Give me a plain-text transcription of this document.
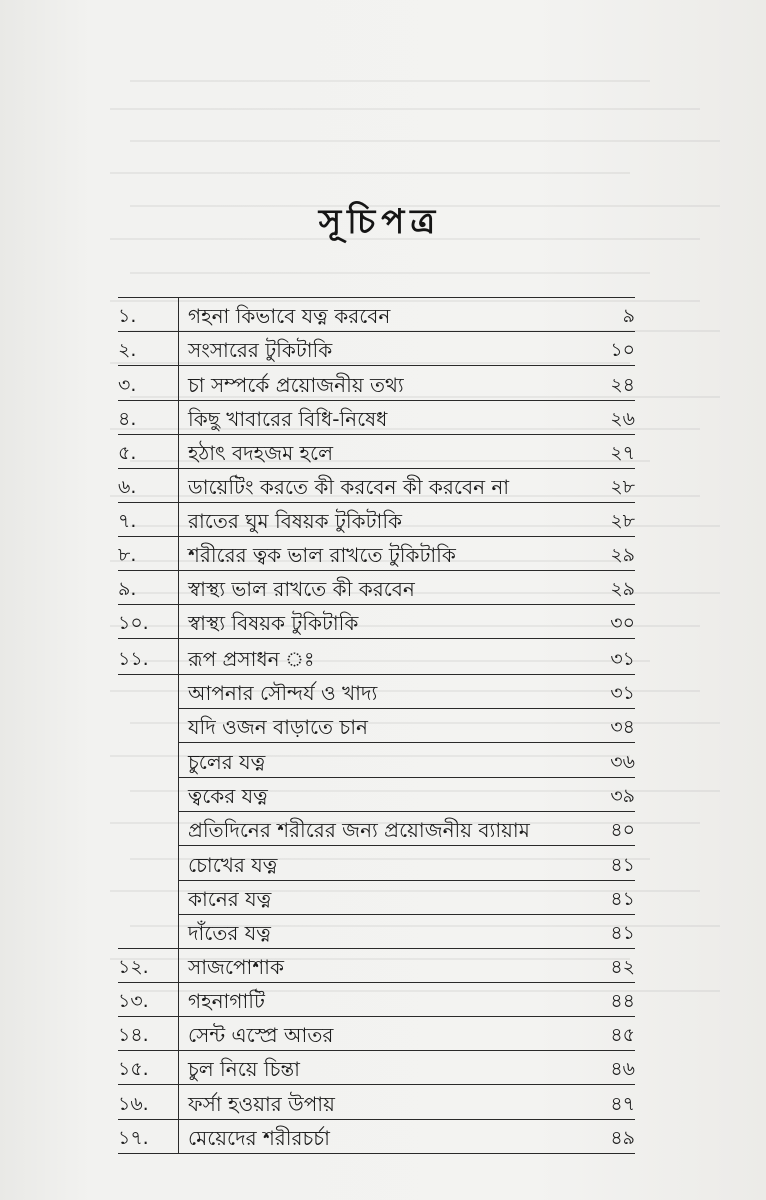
সূচিপত্র
১.	গহনা কিভাবে যত্ন করবেন	৯
২.	সংসারের টুকিটাকি	১০
৩.	চা সম্পর্কে প্রয়োজনীয় তথ্য	২৪
৪.	কিছু খাবারের বিধি-নিষেধ	২৬
৫.	হঠাৎ বদহজম হলে	২৭
৬.	ডায়েটিং করতে কী করবেন কী করবেন না	২৮
৭.	রাতের ঘুম বিষয়ক টুকিটাকি	২৮
৮.	শরীরের ত্বক ভাল রাখতে টুকিটাকি	২৯
৯.	স্বাস্থ্য ভাল রাখতে কী করবেন	২৯
১০.	স্বাস্থ্য বিষয়ক টুকিটাকি	৩০
১১.	রূপ প্রসাধন ঃ	৩১
আপনার সৌন্দর্য ও খাদ্য	৩১
যদি ওজন বাড়াতে চান	৩৪
চুলের যত্ন	৩৬
ত্বকের যত্ন	৩৯
প্রতিদিনের শরীরের জন্য প্রয়োজনীয় ব্যায়াম	৪০
চোখের যত্ন	৪১
কানের যত্ন	৪১
দাঁতের যত্ন	৪১
১২.	সাজপোশাক	৪২
১৩.	গহনাগাটি	৪৪
১৪.	সেন্ট এস্প্রে আতর	৪৫
১৫.	চুল নিয়ে চিন্তা	৪৬
১৬.	ফর্সা হওয়ার উপায়	৪৭
১৭.	মেয়েদের শরীরচর্চা	৪৯
